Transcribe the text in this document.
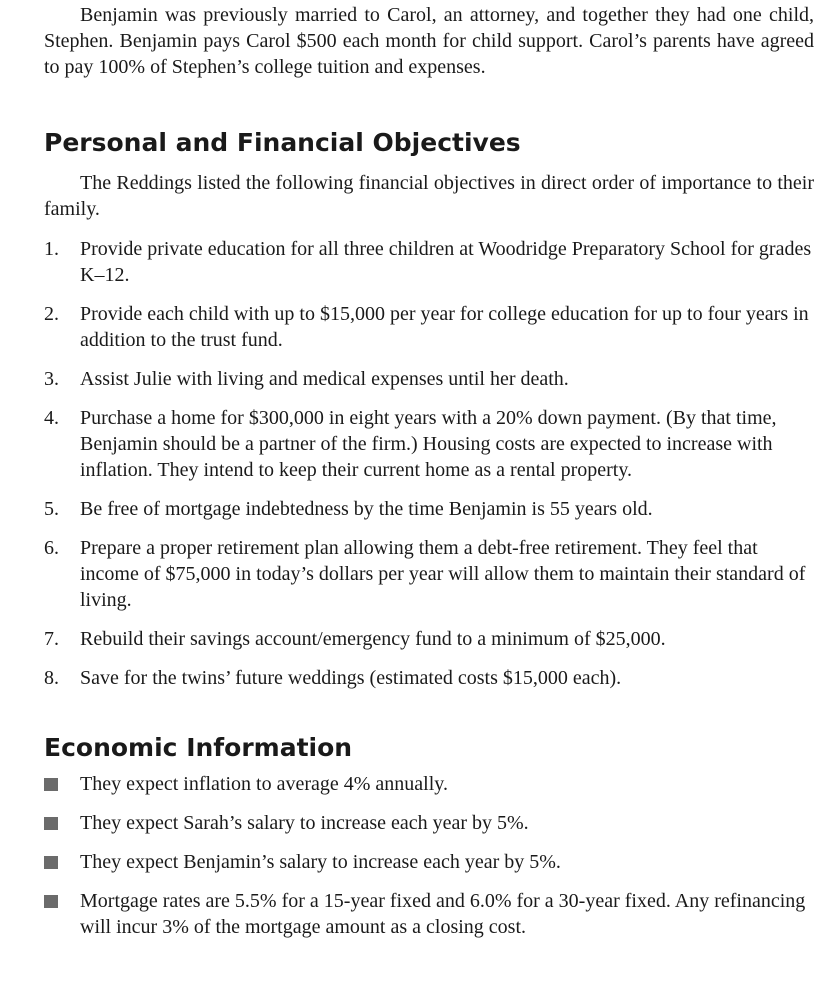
Benjamin was previously married to Carol, an attorney, and together they had one child, Stephen. Benjamin pays Carol $500 each month for child support. Carol’s parents have agreed to pay 100% of Stephen’s college tuition and expenses.

Personal and Financial Objectives

The Reddings listed the following financial objectives in direct order of importance to their family.

1.	Provide private education for all three children at Woodridge Preparatory School for grades K–12.
2.	Provide each child with up to $15,000 per year for college education for up to four years in addition to the trust fund.
3.	Assist Julie with living and medical expenses until her death.
4.	Purchase a home for $300,000 in eight years with a 20% down payment. (By that time, Benjamin should be a partner of the firm.) Housing costs are expected to increase with inflation. They intend to keep their current home as a rental property.
5.	Be free of mortgage indebtedness by the time Benjamin is 55 years old.
6.	Prepare a proper retirement plan allowing them a debt-free retirement. They feel that income of $75,000 in today’s dollars per year will allow them to maintain their standard of living.
7.	Rebuild their savings account/emergency fund to a minimum of $25,000.
8.	Save for the twins’ future weddings (estimated costs $15,000 each).
Economic Information
They expect inflation to average 4% annually.
They expect Sarah’s salary to increase each year by 5%.
They expect Benjamin’s salary to increase each year by 5%.
Mortgage rates are 5.5% for a 15-year fixed and 6.0% for a 30-year fixed. Any refinancing will incur 3% of the mortgage amount as a closing cost.
